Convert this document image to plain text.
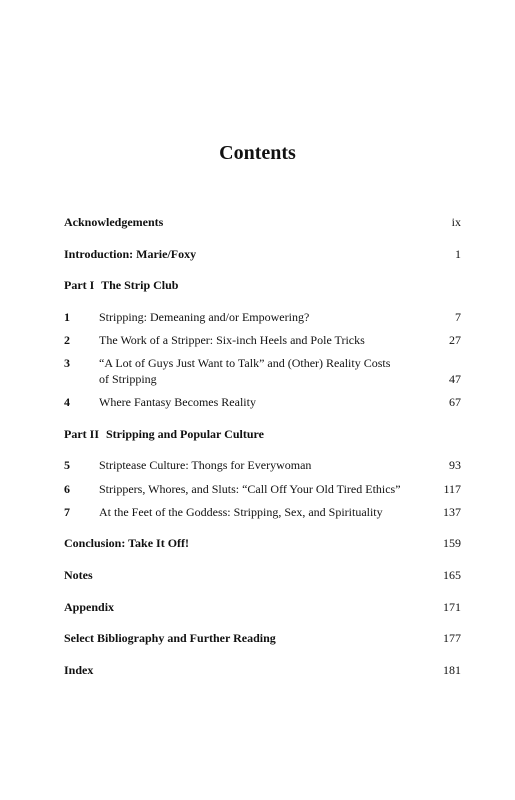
Contents
Acknowledgements	ix
Introduction: Marie/Foxy	1
Part I The Strip Club
1 Stripping: Demeaning and/or Empowering?	7
2 The Work of a Stripper: Six-inch Heels and Pole Tricks	27
3 “A Lot of Guys Just Want to Talk” and (Other) Reality Costs
of Stripping	47
4 Where Fantasy Becomes Reality	67
Part II Stripping and Popular Culture
5 Striptease Culture: Thongs for Everywoman	93
6 Strippers, Whores, and Sluts: “Call Off Your Old Tired Ethics”	117
7 At the Feet of the Goddess: Stripping, Sex, and Spirituality	137
Conclusion: Take It Off!	159
Notes	165
Appendix	171
Select Bibliography and Further Reading	177
Index	181
